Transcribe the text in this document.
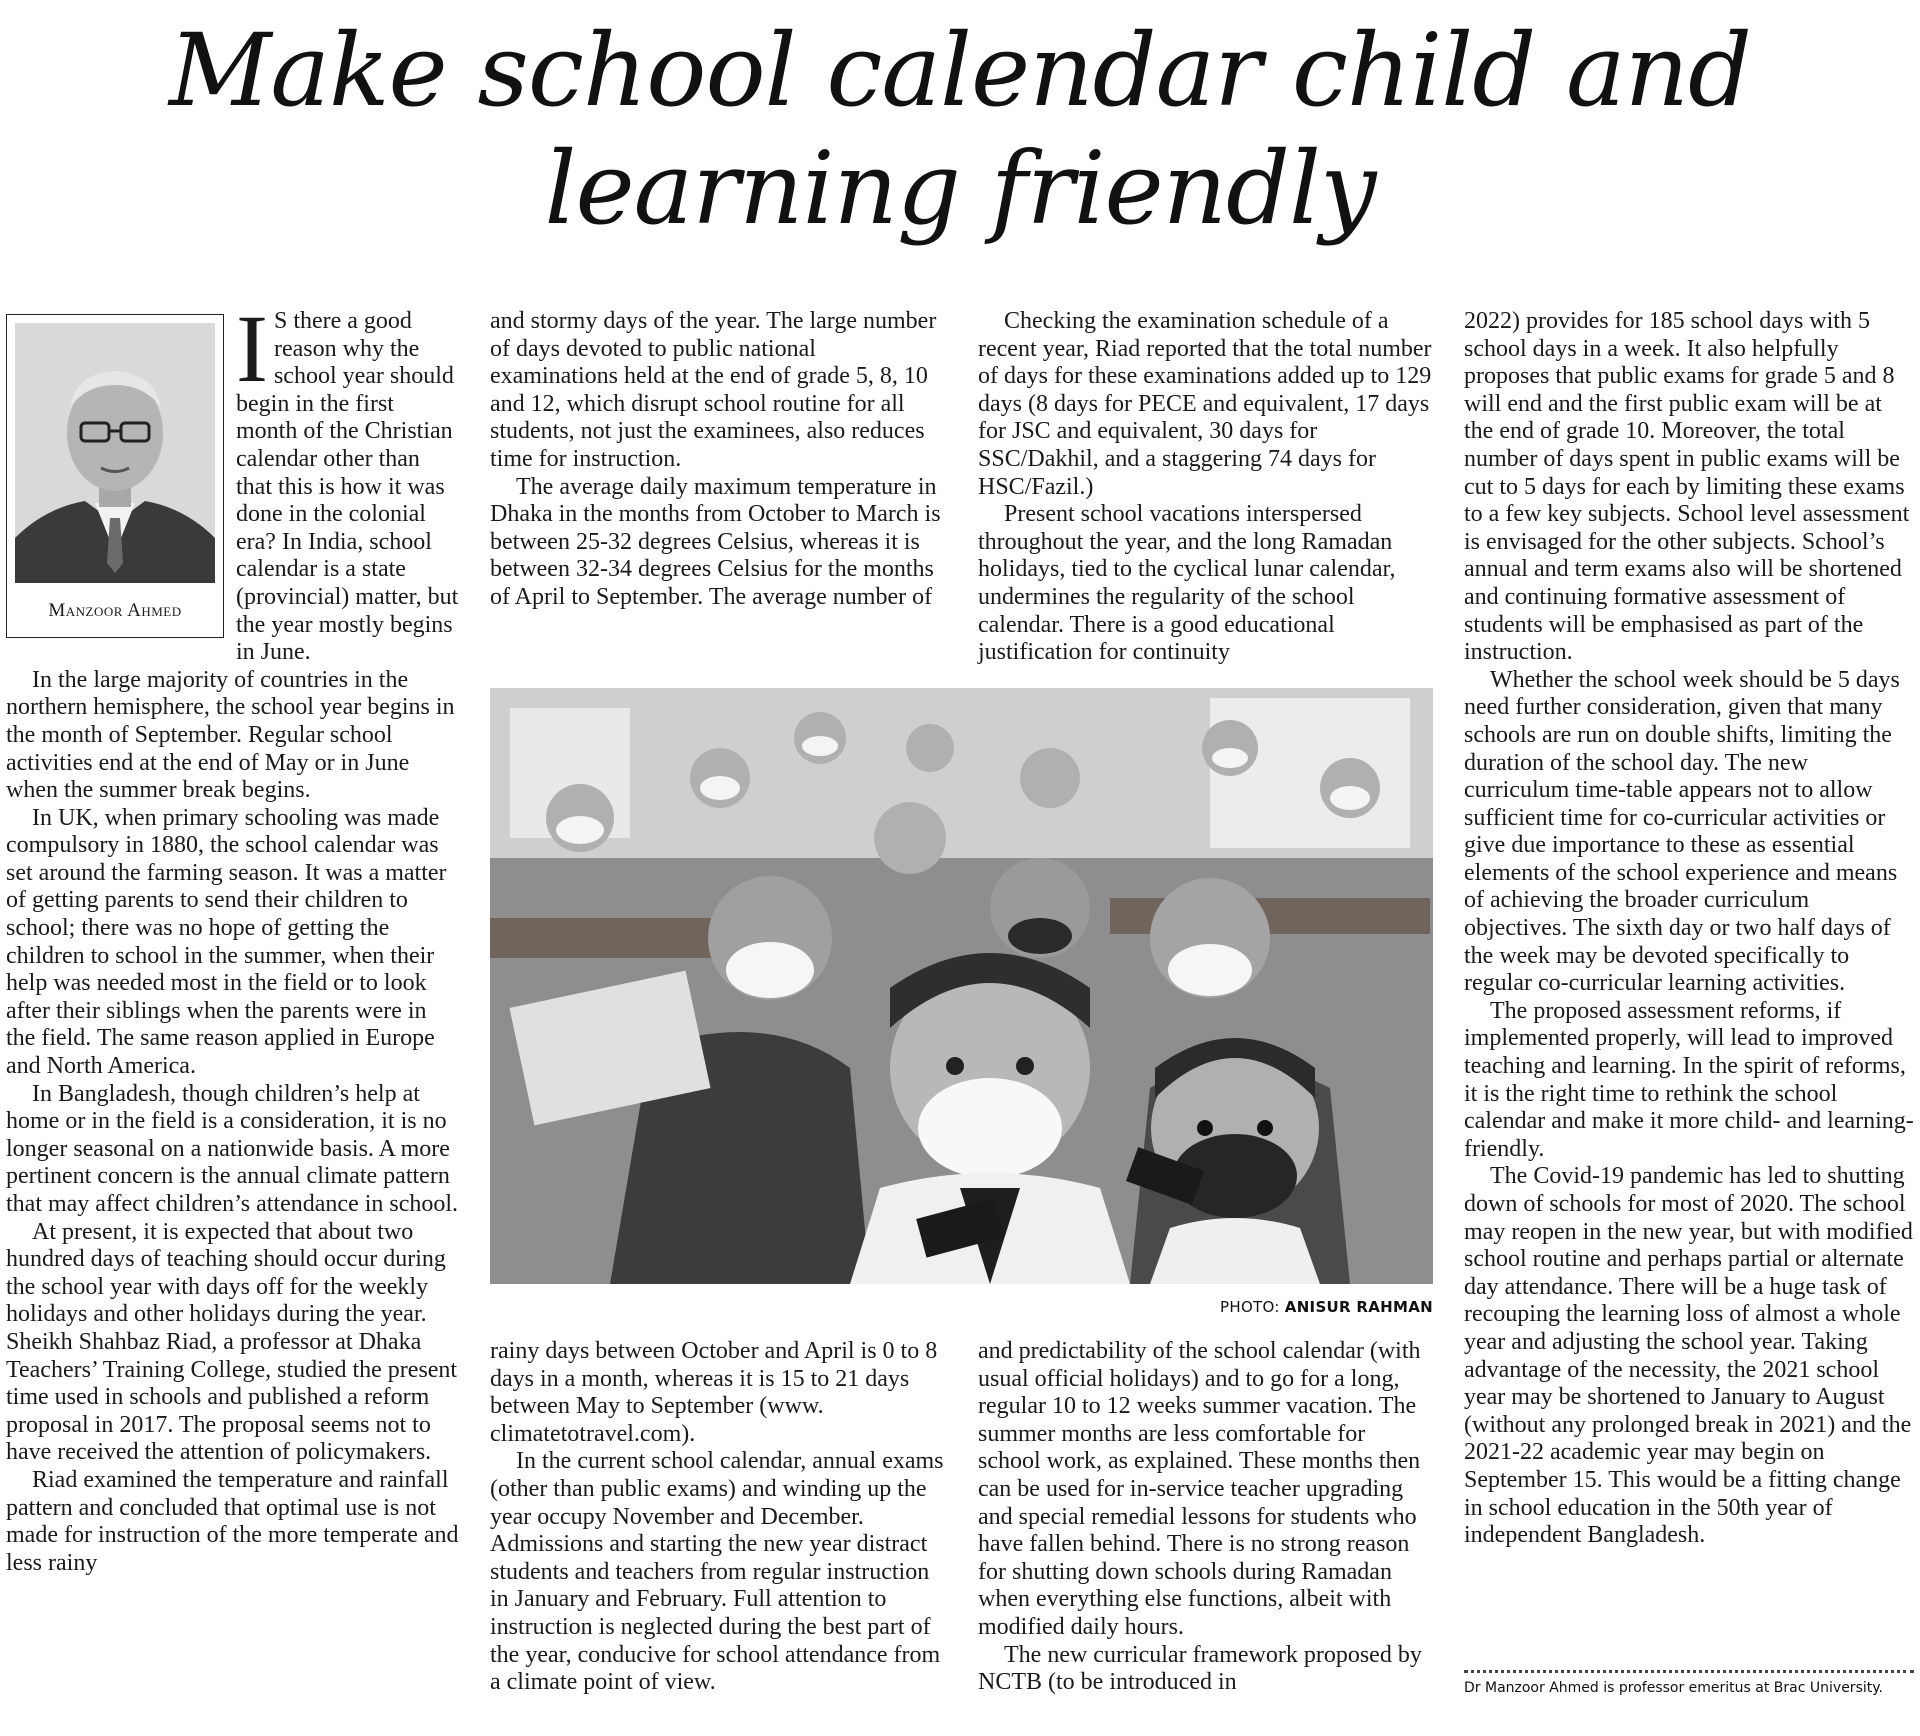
Make school calendar child and learning friendly
Manzoor Ahmed
I S there a good reason why the school year should begin in the first month of the Christian calendar other than that this is how it was done in the colonial era? In India, school calendar is a state (provincial) matter, but the year mostly begins in June.

In the large majority of countries in the northern hemisphere, the school year begins in the month of September. Regular school activities end at the end of May or in June when the summer break begins.

In UK, when primary schooling was made compulsory in 1880, the school calendar was set around the farming season. It was a matter of getting parents to send their children to school; there was no hope of getting the children to school in the summer, when their help was needed most in the field or to look after their siblings when the parents were in the field. The same reason applied in Europe and North America.

In Bangladesh, though children’s help at home or in the field is a consideration, it is no longer seasonal on a nationwide basis. A more pertinent concern is the annual climate pattern that may affect children’s attendance in school.

At present, it is expected that about two hundred days of teaching should occur during the school year with days off for the weekly holidays and other holidays during the year. Sheikh Shahbaz Riad, a professor at Dhaka Teachers’ Training College, studied the present time used in schools and published a reform proposal in 2017. The proposal seems not to have received the attention of policymakers.

Riad examined the temperature and rainfall pattern and concluded that optimal use is not made for instruction of the more temperate and less rainy

and stormy days of the year. The large number of days devoted to public national examinations held at the end of grade 5, 8, 10 and 12, which disrupt school routine for all students, not just the examinees, also reduces time for instruction.

The average daily maximum temperature in Dhaka in the months from October to March is between 25-32 degrees Celsius, whereas it is between 32-34 degrees Celsius for the months of April to September. The average number of

Checking the examination schedule of a recent year, Riad reported that the total number of days for these examinations added up to 129 days (8 days for PECE and equivalent, 17 days for JSC and equivalent, 30 days for SSC/Dakhil, and a staggering 74 days for HSC/Fazil.)

Present school vacations interspersed throughout the year, and the long Ramadan holidays, tied to the cyclical lunar calendar, undermines the regularity of the school calendar. There is a good educational justification for continuity

PHOTO: ANISUR RAHMAN

rainy days between October and April is 0 to 8 days in a month, whereas it is 15 to 21 days between May to September (www. climatetotravel.com).

In the current school calendar, annual exams (other than public exams) and winding up the year occupy November and December. Admissions and starting the new year distract students and teachers from regular instruction in January and February. Full attention to instruction is neglected during the best part of the year, conducive for school attendance from a climate point of view.

and predictability of the school calendar (with usual official holidays) and to go for a long, regular 10 to 12 weeks summer vacation. The summer months are less comfortable for school work, as explained. These months then can be used for in-service teacher upgrading and special remedial lessons for students who have fallen behind. There is no strong reason for shutting down schools during Ramadan when everything else functions, albeit with modified daily hours.

The new curricular framework proposed by NCTB (to be introduced in

2022) provides for 185 school days with 5 school days in a week. It also helpfully proposes that public exams for grade 5 and 8 will end and the first public exam will be at the end of grade 10. Moreover, the total number of days spent in public exams will be cut to 5 days for each by limiting these exams to a few key subjects. School level assessment is envisaged for the other subjects. School’s annual and term exams also will be shortened and continuing formative assessment of students will be emphasised as part of the instruction.

Whether the school week should be 5 days need further consideration, given that many schools are run on double shifts, limiting the duration of the school day. The new curriculum time-table appears not to allow sufficient time for co-curricular activities or give due importance to these as essential elements of the school experience and means of achieving the broader curriculum objectives. The sixth day or two half days of the week may be devoted specifically to regular co-curricular learning activities.

The proposed assessment reforms, if implemented properly, will lead to improved teaching and learning. In the spirit of reforms, it is the right time to rethink the school calendar and make it more child- and learning-friendly.

The Covid-19 pandemic has led to shutting down of schools for most of 2020. The school may reopen in the new year, but with modified school routine and perhaps partial or alternate day attendance. There will be a huge task of recouping the learning loss of almost a whole year and adjusting the school year. Taking advantage of the necessity, the 2021 school year may be shortened to January to August (without any prolonged break in 2021) and the 2021-22 academic year may begin on September 15. This would be a fitting change in school education in the 50th year of independent Bangladesh.

Dr Manzoor Ahmed is professor emeritus at Brac University.
